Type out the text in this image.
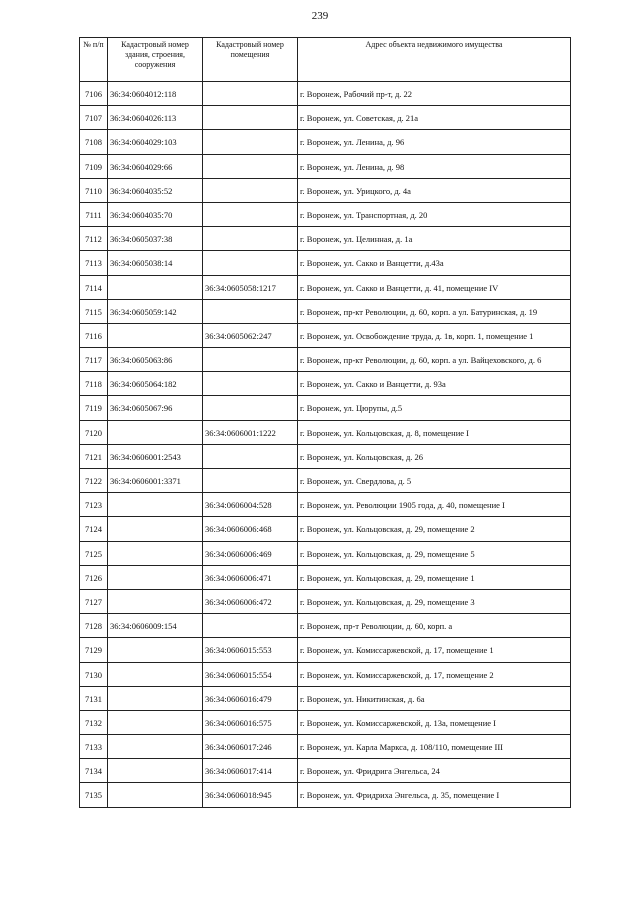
239
№ п/п	Кадастровый номер здания, строения, сооружения	Кадастровый номер помещения	Адрес объекта недвижимого имущества
7106	36:34:0604012:118		г. Воронеж, Рабочий пр-т, д. 22
7107	36:34:0604026:113		г. Воронеж, ул. Советская, д. 21а
7108	36:34:0604029:103		г. Воронеж, ул. Ленина, д. 96
7109	36:34:0604029:66		г. Воронеж, ул. Ленина, д. 98
7110	36:34:0604035:52		г. Воронеж, ул. Урицкого, д. 4а
7111	36:34:0604035:70		г. Воронеж, ул. Транспортная, д. 20
7112	36:34:0605037:38		г. Воронеж, ул. Целинная, д. 1а
7113	36:34:0605038:14		г. Воронеж, ул. Сакко и Ванцетти, д.43а
7114		36:34:0605058:1217	г. Воронеж, ул. Сакко и Ванцетти, д. 41, помещение IV
7115	36:34:0605059:142		г. Воронеж, пр-кт Революции, д. 60, корп. а ул. Батуринская, д. 19
7116		36:34:0605062:247	г. Воронеж, ул. Освобождение труда, д. 1в, корп. 1, помещение 1
7117	36:34:0605063:86		г. Воронеж, пр-кт Революции, д. 60, корп. а ул. Вайцеховского, д. 6
7118	36:34:0605064:182		г. Воронеж, ул. Сакко и Ванцетти, д. 93а
7119	36:34:0605067:96		г. Воронеж, ул. Цюрупы, д.5
7120		36:34:0606001:1222	г. Воронеж, ул. Кольцовская, д. 8, помещение I
7121	36:34:0606001:2543		г. Воронеж, ул. Кольцовская, д. 26
7122	36:34:0606001:3371		г. Воронеж, ул. Свердлова, д. 5
7123		36:34:0606004:528	г. Воронеж, ул. Революции 1905 года, д. 40, помещение I
7124		36:34:0606006:468	г. Воронеж, ул. Кольцовская, д. 29, помещение 2
7125		36:34:0606006:469	г. Воронеж, ул. Кольцовская, д. 29, помещение 5
7126		36:34:0606006:471	г. Воронеж, ул. Кольцовская, д. 29, помещение 1
7127		36:34:0606006:472	г. Воронеж, ул. Кольцовская, д. 29, помещение 3
7128	36:34:0606009:154		г. Воронеж, пр-т Революции, д. 60, корп. а
7129		36:34:0606015:553	г. Воронеж, ул. Комиссаржевской, д. 17, помещение 1
7130		36:34:0606015:554	г. Воронеж, ул. Комиссаржевской, д. 17, помещение 2
7131		36:34:0606016:479	г. Воронеж, ул. Никитинская, д. 6а
7132		36:34:0606016:575	г. Воронеж, ул. Комиссаржевской, д. 13а, помещение I
7133		36:34:0606017:246	г. Воронеж, ул. Карла Маркса, д. 108/110, помещение III
7134		36:34:0606017:414	г. Воронеж, ул. Фридрига Энгельса, 24
7135		36:34:0606018:945	г. Воронеж, ул. Фридриха Энгельса, д. 35, помещение I
